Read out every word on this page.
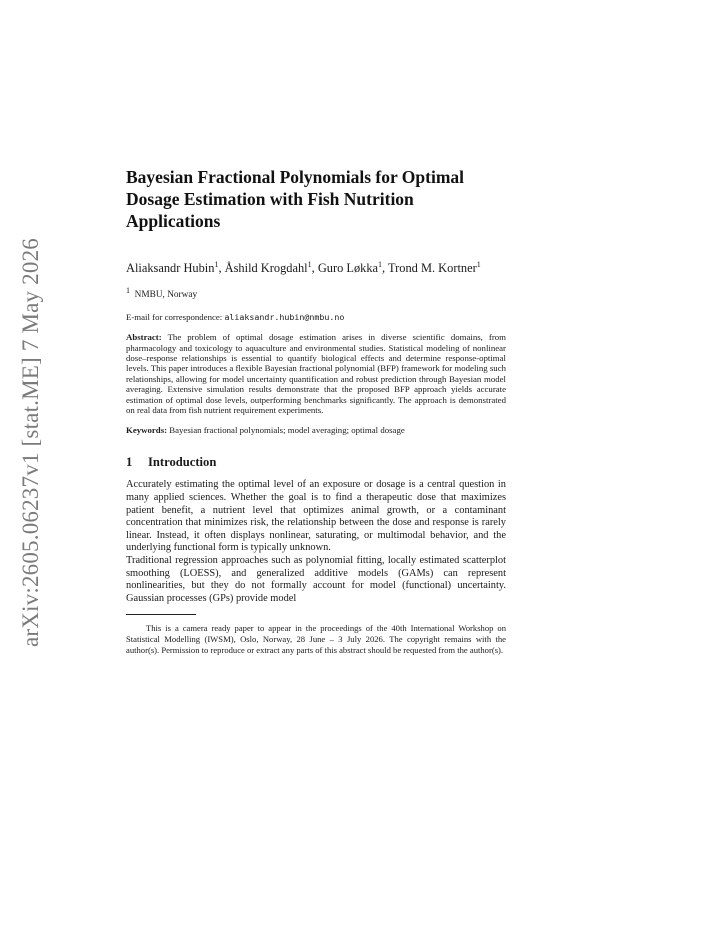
arXiv:2605.06237v1 [stat.ME] 7 May 2026
Bayesian Fractional Polynomials for Optimal Dosage Estimation with Fish Nutrition Applications
Aliaksandr Hubin$^1$, Åshild Krogdahl$^1$, Guro Løkka$^1$, Trond M. Kortner$^1$
$^1$ NMBU, Norway
E-mail for correspondence: aliaksandr.hubin@nmbu.no
Abstract: The problem of optimal dosage estimation arises in diverse scientific domains, from pharmacology and toxicology to aquaculture and environmental studies. Statistical modeling of nonlinear dose–response relationships is essential to quantify biological effects and determine response-optimal levels. This paper introduces a flexible Bayesian fractional polynomial (BFP) framework for modeling such relationships, allowing for model uncertainty quantification and robust prediction through Bayesian model averaging. Extensive simulation results demonstrate that the proposed BFP approach yields accurate estimation of optimal dose levels, outperforming benchmarks significantly. The approach is demonstrated on real data from fish nutrient requirement experiments.
Keywords: Bayesian fractional polynomials; model averaging; optimal dosage
1 Introduction

Accurately estimating the optimal level of an exposure or dosage is a central question in many applied sciences. Whether the goal is to find a therapeutic dose that maximizes patient benefit, a nutrient level that optimizes animal growth, or a contaminant concentration that minimizes risk, the relationship between the dose and response is rarely linear. Instead, it often displays nonlinear, saturating, or multimodal behavior, and the underlying functional form is typically unknown.

Traditional regression approaches such as polynomial fitting, locally estimated scatterplot smoothing (LOESS), and generalized additive models (GAMs) can represent nonlinearities, but they do not formally account for model (functional) uncertainty. Gaussian processes (GPs) provide model

This is a camera ready paper to appear in the proceedings of the 40th International Workshop on Statistical Modelling (IWSM), Oslo, Norway, 28 June – 3 July 2026. The copyright remains with the author(s). Permission to reproduce or extract any parts of this abstract should be requested from the author(s).
